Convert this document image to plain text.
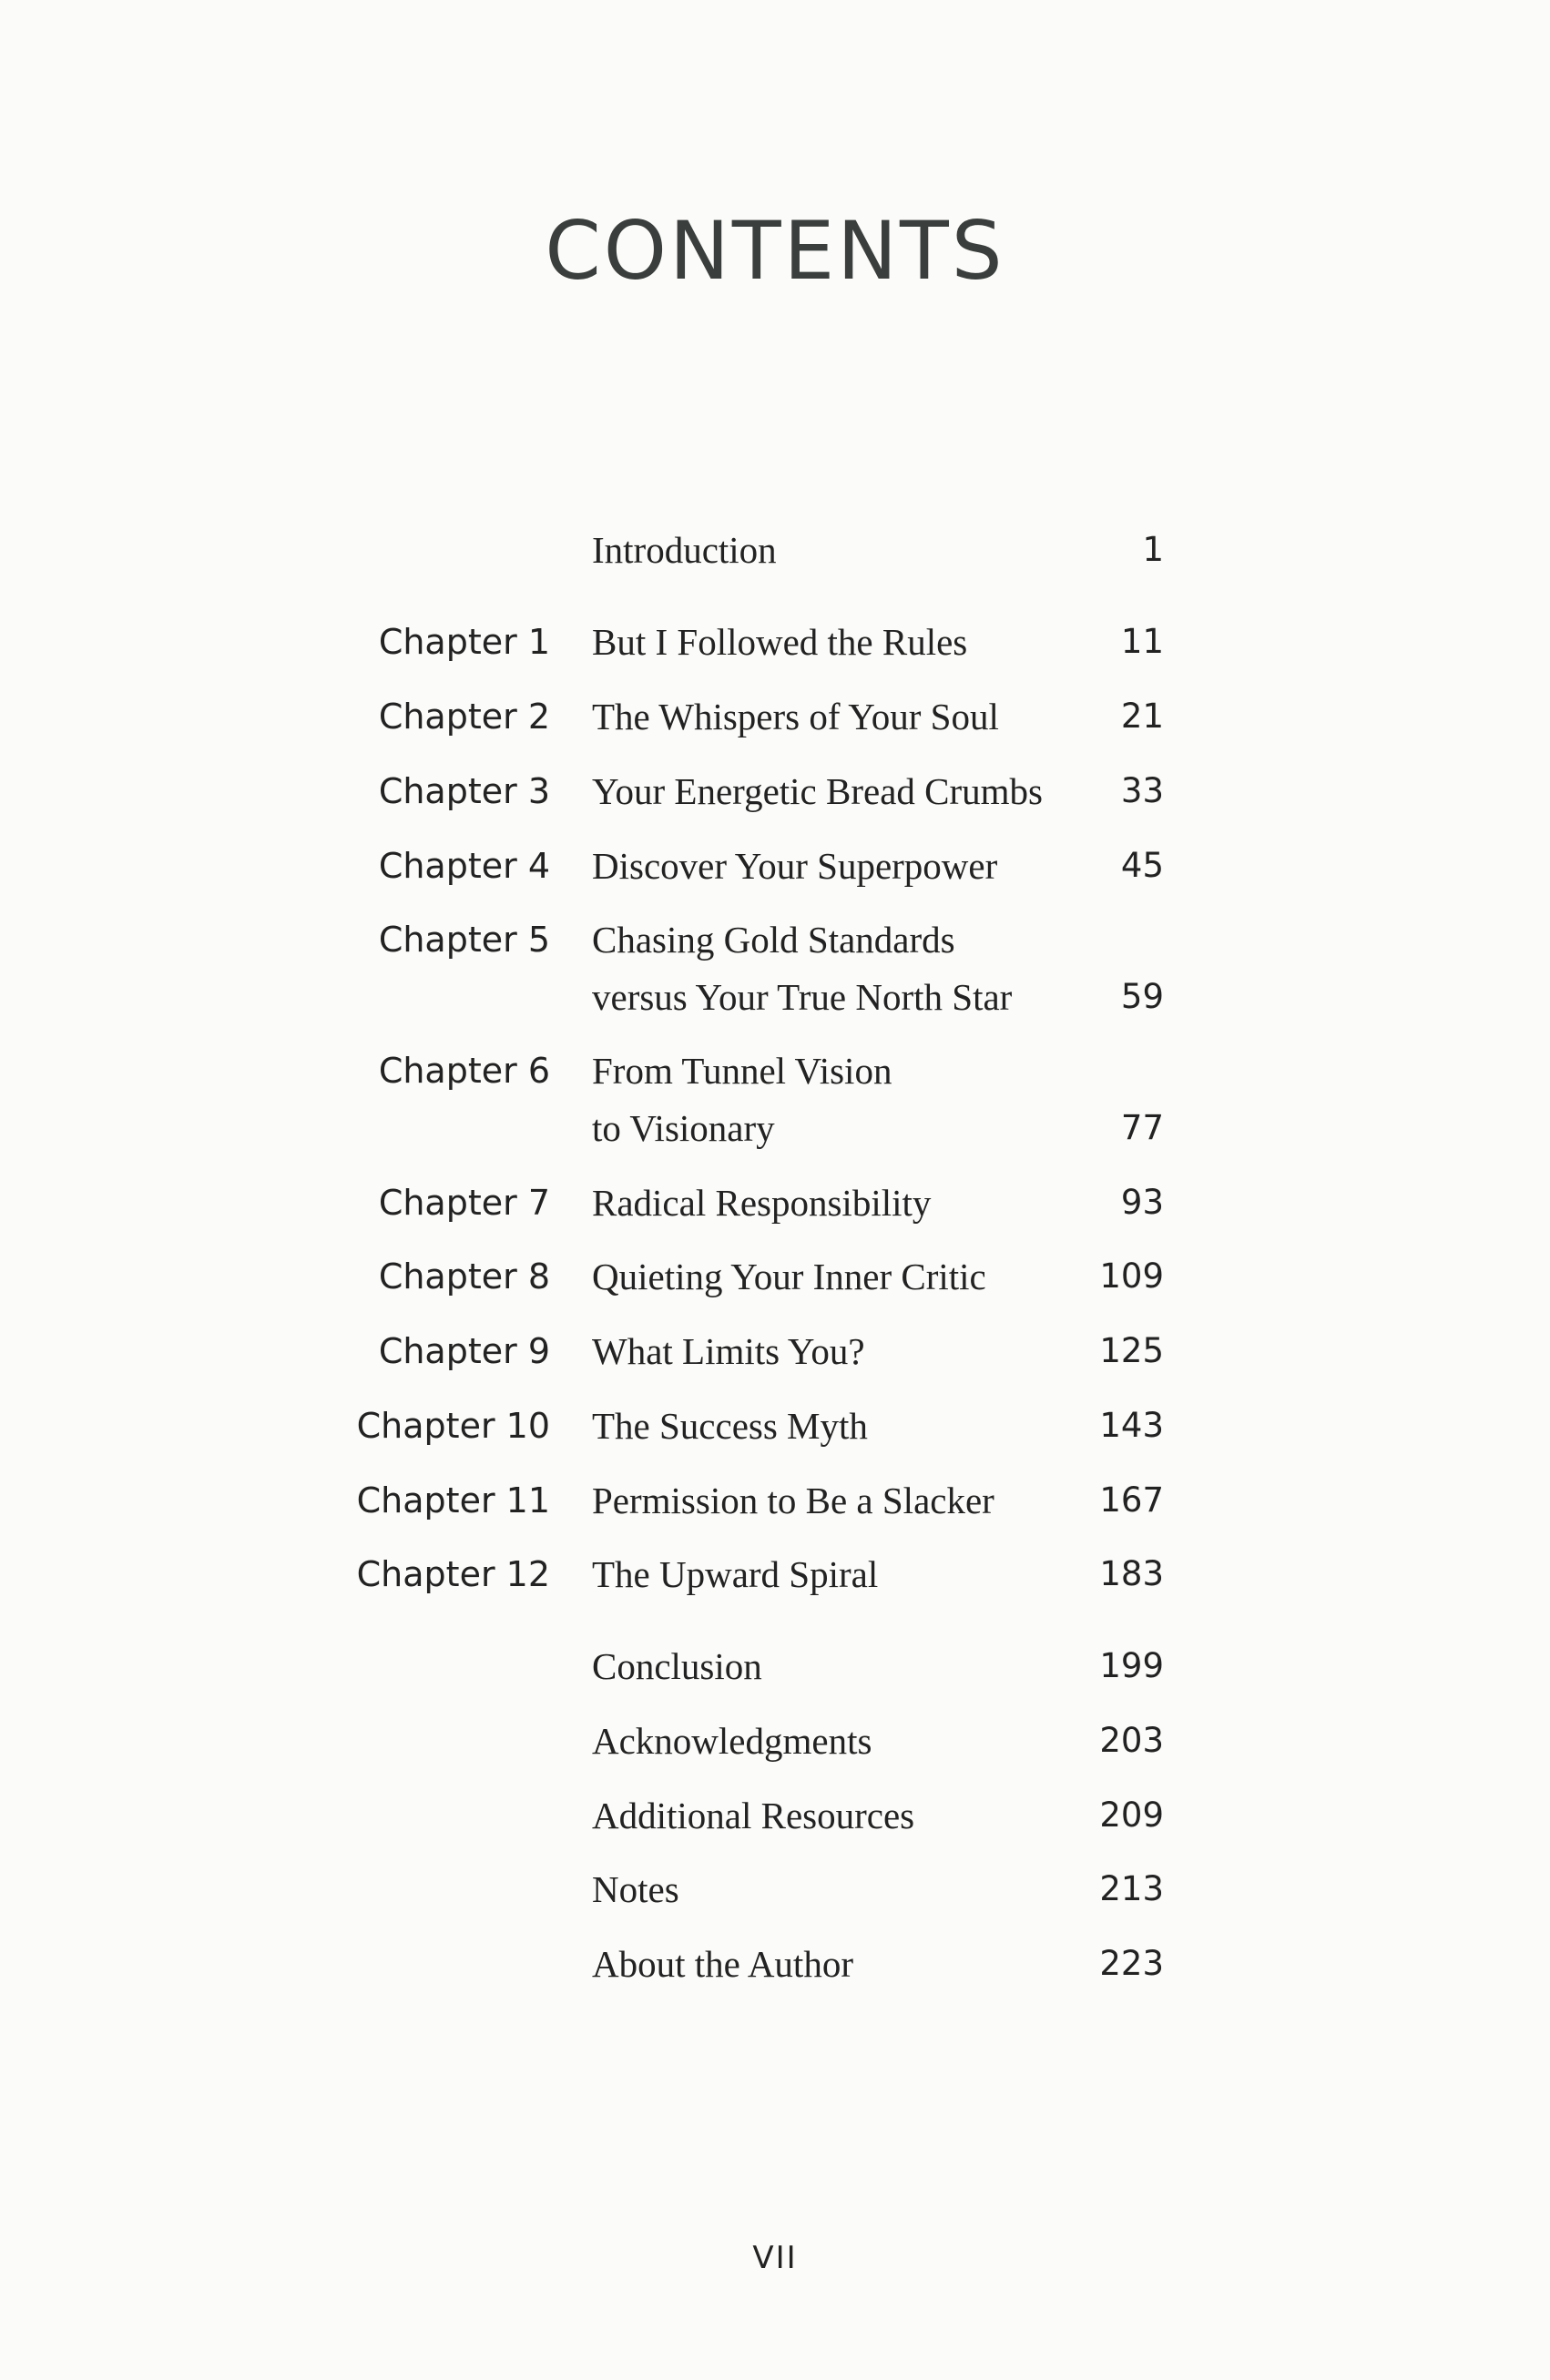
CONTENTS
Introduction	1
Chapter 1 But I Followed the Rules	11
Chapter 2 The Whispers of Your Soul	21
Chapter 3 Your Energetic Bread Crumbs 33
Chapter 4 Discover Your Superpower	45
Chapter 5 Chasing Gold Standards
versus Your True North Star	59
Chapter 6 From Tunnel Vision
to Visionary	77
Chapter 7 Radical Responsibility	93
Chapter 8 Quieting Your Inner Critic	109
Chapter 9 What Limits You?	125
Chapter 10 The Success Myth	143
Chapter 11 Permission to Be a Slacker	167
Chapter 12 The Upward Spiral	183
Conclusion	199
Acknowledgments	203
Additional Resources	209
Notes	213
About the Author	223
VII
